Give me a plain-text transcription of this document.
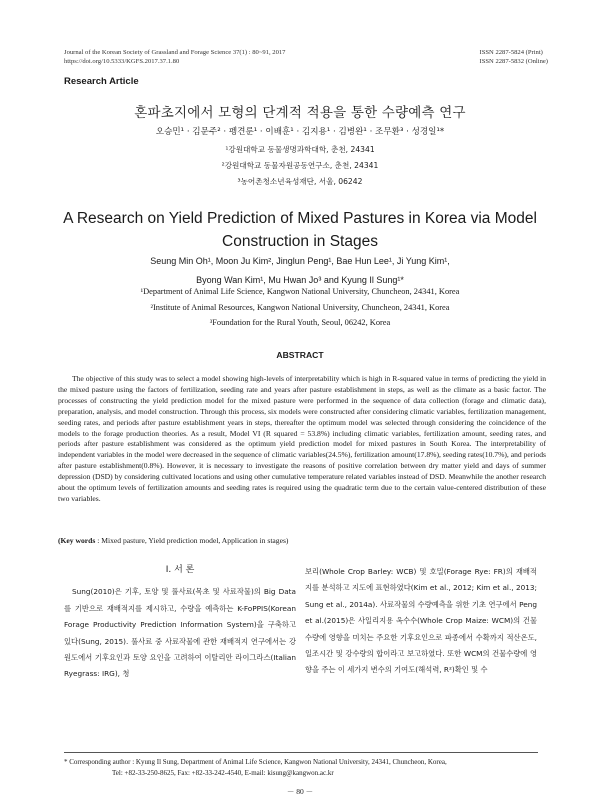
Journal of the Korean Society of Grassland and Forage Science 37(1) : 80~91, 2017
https://doi.org/10.5333/KGFS.2017.37.1.80
ISSN 2287-5824 (Print)
ISSN 2287-5832 (Online)
Research Article
혼파초지에서 모형의 단계적 적용을 통한 수량예측 연구
오승민¹ · 김문주² · 펭견룬¹ · 이배훈¹ · 김지용¹ · 김병완¹ · 조무환³ · 성경일¹*
¹강원대학교 동물생명과학대학, 춘천, 24341
²강원대학교 동물자원공동연구소, 춘천, 24341
³농어촌청소년육성재단, 서울, 06242
A Research on Yield Prediction of Mixed Pastures in Korea via Model Construction in Stages
Seung Min Oh¹, Moon Ju Kim², Jinglun Peng¹, Bae Hun Lee¹, Ji Yung Kim¹,
Byong Wan Kim¹, Mu Hwan Jo³ and Kyung Il Sung¹*
¹Department of Animal Life Science, Kangwon National University, Chuncheon, 24341, Korea
²Institute of Animal Resources, Kangwon National University, Chuncheon, 24341, Korea
³Foundation for the Rural Youth, Seoul, 06242, Korea
ABSTRACT
The objective of this study was to select a model showing high-levels of interpretability which is high in R-squared value in terms of predicting the yield in the mixed pasture using the factors of fertilization, seeding rate and years after pasture establishment in steps, as well as the climate as a basic factor. The processes of constructing the yield prediction model for the mixed pasture were performed in the sequence of data collection (forage and climatic data), preparation, analysis, and model construction. Through this process, six models were constructed after considering climatic variables, fertilization management, seeding rates, and periods after pasture establishment years in steps, thereafter the optimum model was selected through considering the coincidence of the models to the forage production theories. As a result, Model VI (R squared = 53.8%) including climatic variables, fertilization amount, seeding rates, and periods after pasture establishment was considered as the optimum yield prediction model for mixed pastures in South Korea. The interpretability of independent variables in the model were decreased in the sequence of climatic variables(24.5%), fertilization amount(17.8%), seeding rates(10.7%), and periods after pasture establishment(0.8%). However, it is necessary to investigate the reasons of positive correlation between dry matter yield and days of summer depression (DSD) by considering cultivated locations and using other cumulative temperature related variables instead of DSD. Meanwhile the another research about the optimum levels of fertilization amounts and seeding rates is required using the quadratic term due to the certain value-centered distribution of these two variables.
(Key words : Mixed pasture, Yield prediction model, Application in stages)
Ⅰ. 서 론

Sung(2010)은 기후, 토양 및 풀사료(목초 및 사료작물)의 Big Data를 기반으로 재배적지를 제시하고, 수량을 예측하는 K-FoPPIS(Korean Forage Productivity Prediction Information System)을 구축하고 있다(Sung, 2015). 풀사료 중 사료작물에 관한 재배적지 연구에서는 강원도에서 기후요인과 토양 요인을 고려하여 이탈리안 라이그라스(Italian Ryegrass: IRG), 청

보리(Whole Crop Barley: WCB) 및 호밀(Forage Rye: FR)의 재배적지를 분석하고 지도에 표현하였다(Kim et al., 2012; Kim et al., 2013; Sung et al., 2014a). 사료작물의 수량예측을 위한 기초 연구에서 Peng et al.(2015)은 사일리지용 옥수수(Whole Crop Maize: WCM)의 건물수량에 영향을 미치는 주요한 기후요인으로 파종에서 수확까지 적산온도, 일조시간 및 강수량의 합이라고 보고하였다. 또한 WCM의 건물수량에 영향을 주는 이 세가지 변수의 기여도(해석력, R²)확인 및 수

* Corresponding author : Kyung Il Sung, Department of Animal Life Science, Kangwon National University, 24341, Chuncheon, Korea,
Tel: +82-33-250-8625, Fax: +82-33-242-4540, E-mail: kisung@kangwon.ac.kr
－ 80 －
